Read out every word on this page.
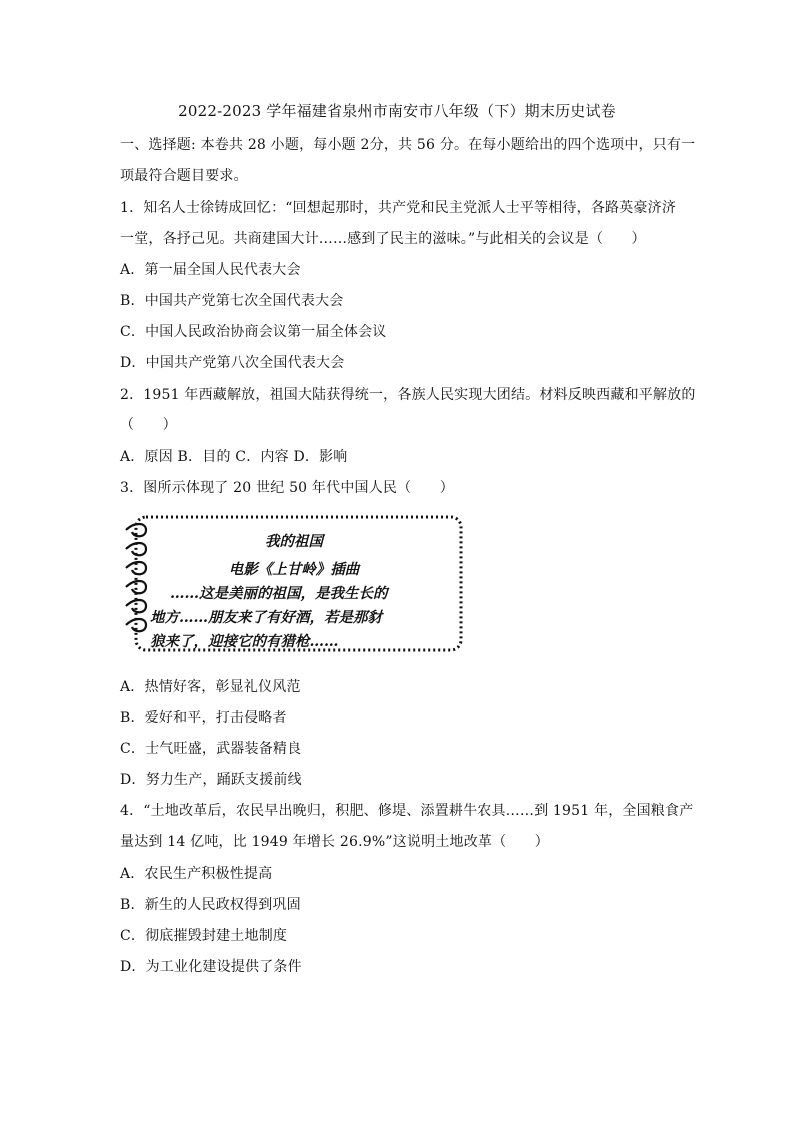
2022-2023 学年福建省泉州市南安市八年级（下）期末历史试卷
一、选择题: 本卷共 28 小题，每小题 2分，共 56 分。在每小题给出的四个选项中，只有一
项最符合题目要求。
1．知名人士徐铸成回忆：“回想起那时，共产党和民主党派人士平等相待，各路英豪济济
一堂，各抒己见。共商建国大计……感到了民主的滋味。”与此相关的会议是（　　）
A．第一届全国人民代表大会
B．中国共产党第七次全国代表大会
C．中国人民政治协商会议第一届全体会议
D．中国共产党第八次全国代表大会
2．1951 年西藏解放，祖国大陆获得统一，各族人民实现大团结。材料反映西藏和平解放的
（　　）
A．原因 B．目的 C．内容 D．影响
3．图所示体现了 20 世纪 50 年代中国人民（　　）
我的祖国
电影《上甘岭》插曲
……这是美丽的祖国，是我生长的
地方……朋友来了有好酒，若是那豺
狼来了，迎接它的有猎枪……
A．热情好客，彰显礼仪风范
B．爱好和平，打击侵略者
C．士气旺盛，武器装备精良
D．努力生产，踊跃支援前线
4．“土地改革后，农民早出晚归，积肥、修堤、添置耕牛农具……到 1951 年，全国粮食产
量达到 14 亿吨，比 1949 年增长 26.9%”这说明土地改革（　　）
A．农民生产积极性提高
B．新生的人民政权得到巩固
C．彻底摧毁封建土地制度
D．为工业化建设提供了条件
